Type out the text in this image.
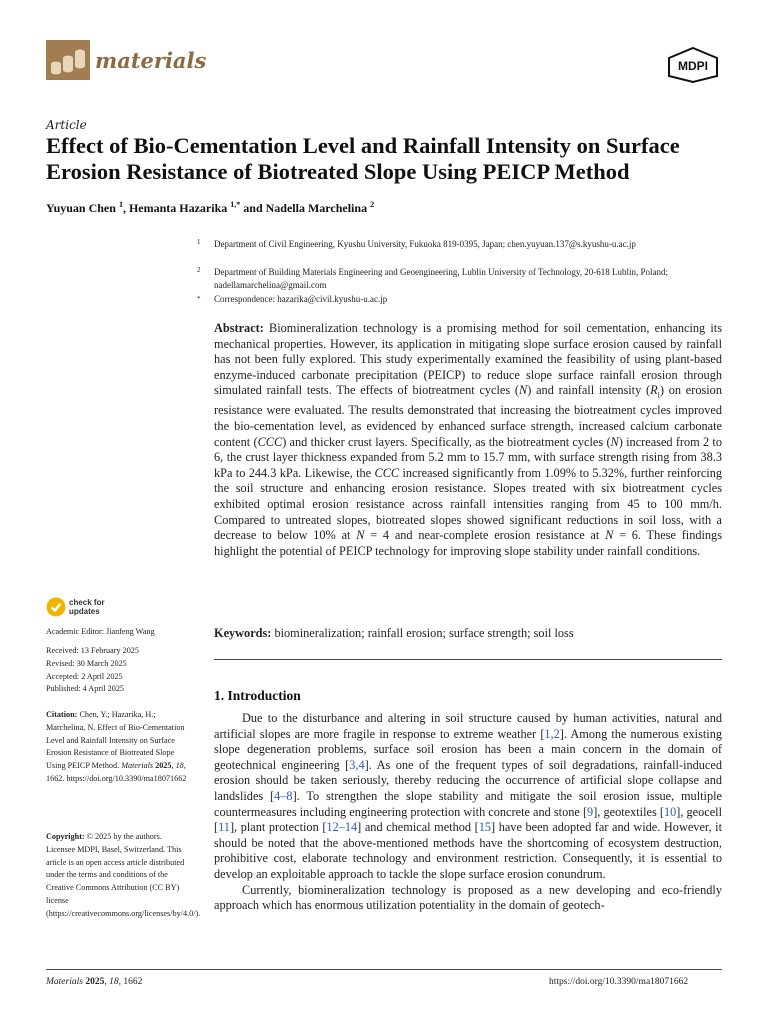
materials	MDPI
Article
Effect of Bio-Cementation Level and Rainfall Intensity on Surface Erosion Resistance of Biotreated Slope Using PEICP Method
Yuyuan Chen $^1$, Hemanta Hazarika $^{1,*}$ and Nadella Marchelina $^2$
1 Department of Civil Engineering, Kyushu University, Fukuoka 819-0395, Japan; chen.yuyuan.137@s.kyushu-u.ac.jp
2 Department of Building Materials Engineering and Geoengineering, Lublin University of Technology, 20-618 Lublin, Poland; nadellamarchelina@gmail.com
* Correspondence: hazarika@civil.kyushu-u.ac.jp

Abstract: Biomineralization technology is a promising method for soil cementation, enhancing its mechanical properties. However, its application in mitigating slope surface erosion caused by rainfall has not been fully explored. This study experimentally examined the feasibility of using plant-based enzyme-induced carbonate precipitation (PEICP) to reduce slope surface rainfall erosion through simulated rainfall tests. The effects of biotreatment cycles (N) and rainfall intensity $(R_i)$ on erosion resistance were evaluated. The results demonstrated that increasing the biotreatment cycles improved the bio-cementation level, as evidenced by enhanced surface strength, increased calcium carbonate content (CCC) and thicker crust layers. Specifically, as the biotreatment cycles (N) increased from 2 to 6, the crust layer thickness expanded from 5.2 mm to 15.7 mm, with surface strength rising from 38.3 kPa to 244.3 kPa. Likewise, the CCC increased significantly from 1.09% to 5.32%, further reinforcing the soil structure and enhancing erosion resistance. Slopes treated with six biotreatment cycles exhibited optimal erosion resistance across rainfall intensities ranging from 45 to 100 mm/h. Compared to untreated slopes, biotreated slopes showed significant reductions in soil loss, with a decrease to below 10% at N = 4 and near-complete erosion resistance at N = 6. These findings highlight the potential of PEICP technology for improving slope stability under rainfall conditions.

Keywords: biomineralization; rainfall erosion; surface strength; soil loss

check for
updates
Academic Editor: Jianfeng Wang
Received: 13 February 2025
Revised: 30 March 2025
Accepted: 2 April 2025
Published: 4 April 2025
Citation: Chen, Y.; Hazarika, H.; Marchelina, N. Effect of Bio-Cementation Level and Rainfall Intensity on Surface Erosion Resistance of Biotreated Slope Using PEICP Method. Materials 2025, 18, 1662. https://doi.org/10.3390/ma18071662
Copyright: © 2025 by the authors. Licensee MDPI, Basel, Switzerland. This article is an open access article distributed under the terms and conditions of the Creative Commons Attribution (CC BY) license (https://creativecommons.org/licenses/by/4.0/).
1. Introduction

Due to the disturbance and altering in soil structure caused by human activities, natural and artificial slopes are more fragile in response to extreme weather [1,2]. Among the numerous existing slope degeneration problems, surface soil erosion has been a main concern in the domain of geotechnical engineering [3,4]. As one of the frequent types of soil degradations, rainfall-induced erosion should be taken seriously, thereby reducing the occurrence of artificial slope collapse and landslides [4–8]. To strengthen the slope stability and mitigate the soil erosion issue, multiple countermeasures including engineering protection with concrete and stone [9], geotextiles [10], geocell [11], plant protection [12–14] and chemical method [15] have been adopted far and wide. However, it should be noted that the above-mentioned methods have the shortcoming of ecosystem destruction, prohibitive cost, elaborate technology and environment restriction. Consequently, it is essential to develop an exploitable approach to tackle the slope surface erosion conundrum.

Currently, biomineralization technology is proposed as a new developing and eco-friendly approach which has enormous utilization potentiality in the domain of geotech-

Materials 2025, 18, 1662	https://doi.org/10.3390/ma18071662
